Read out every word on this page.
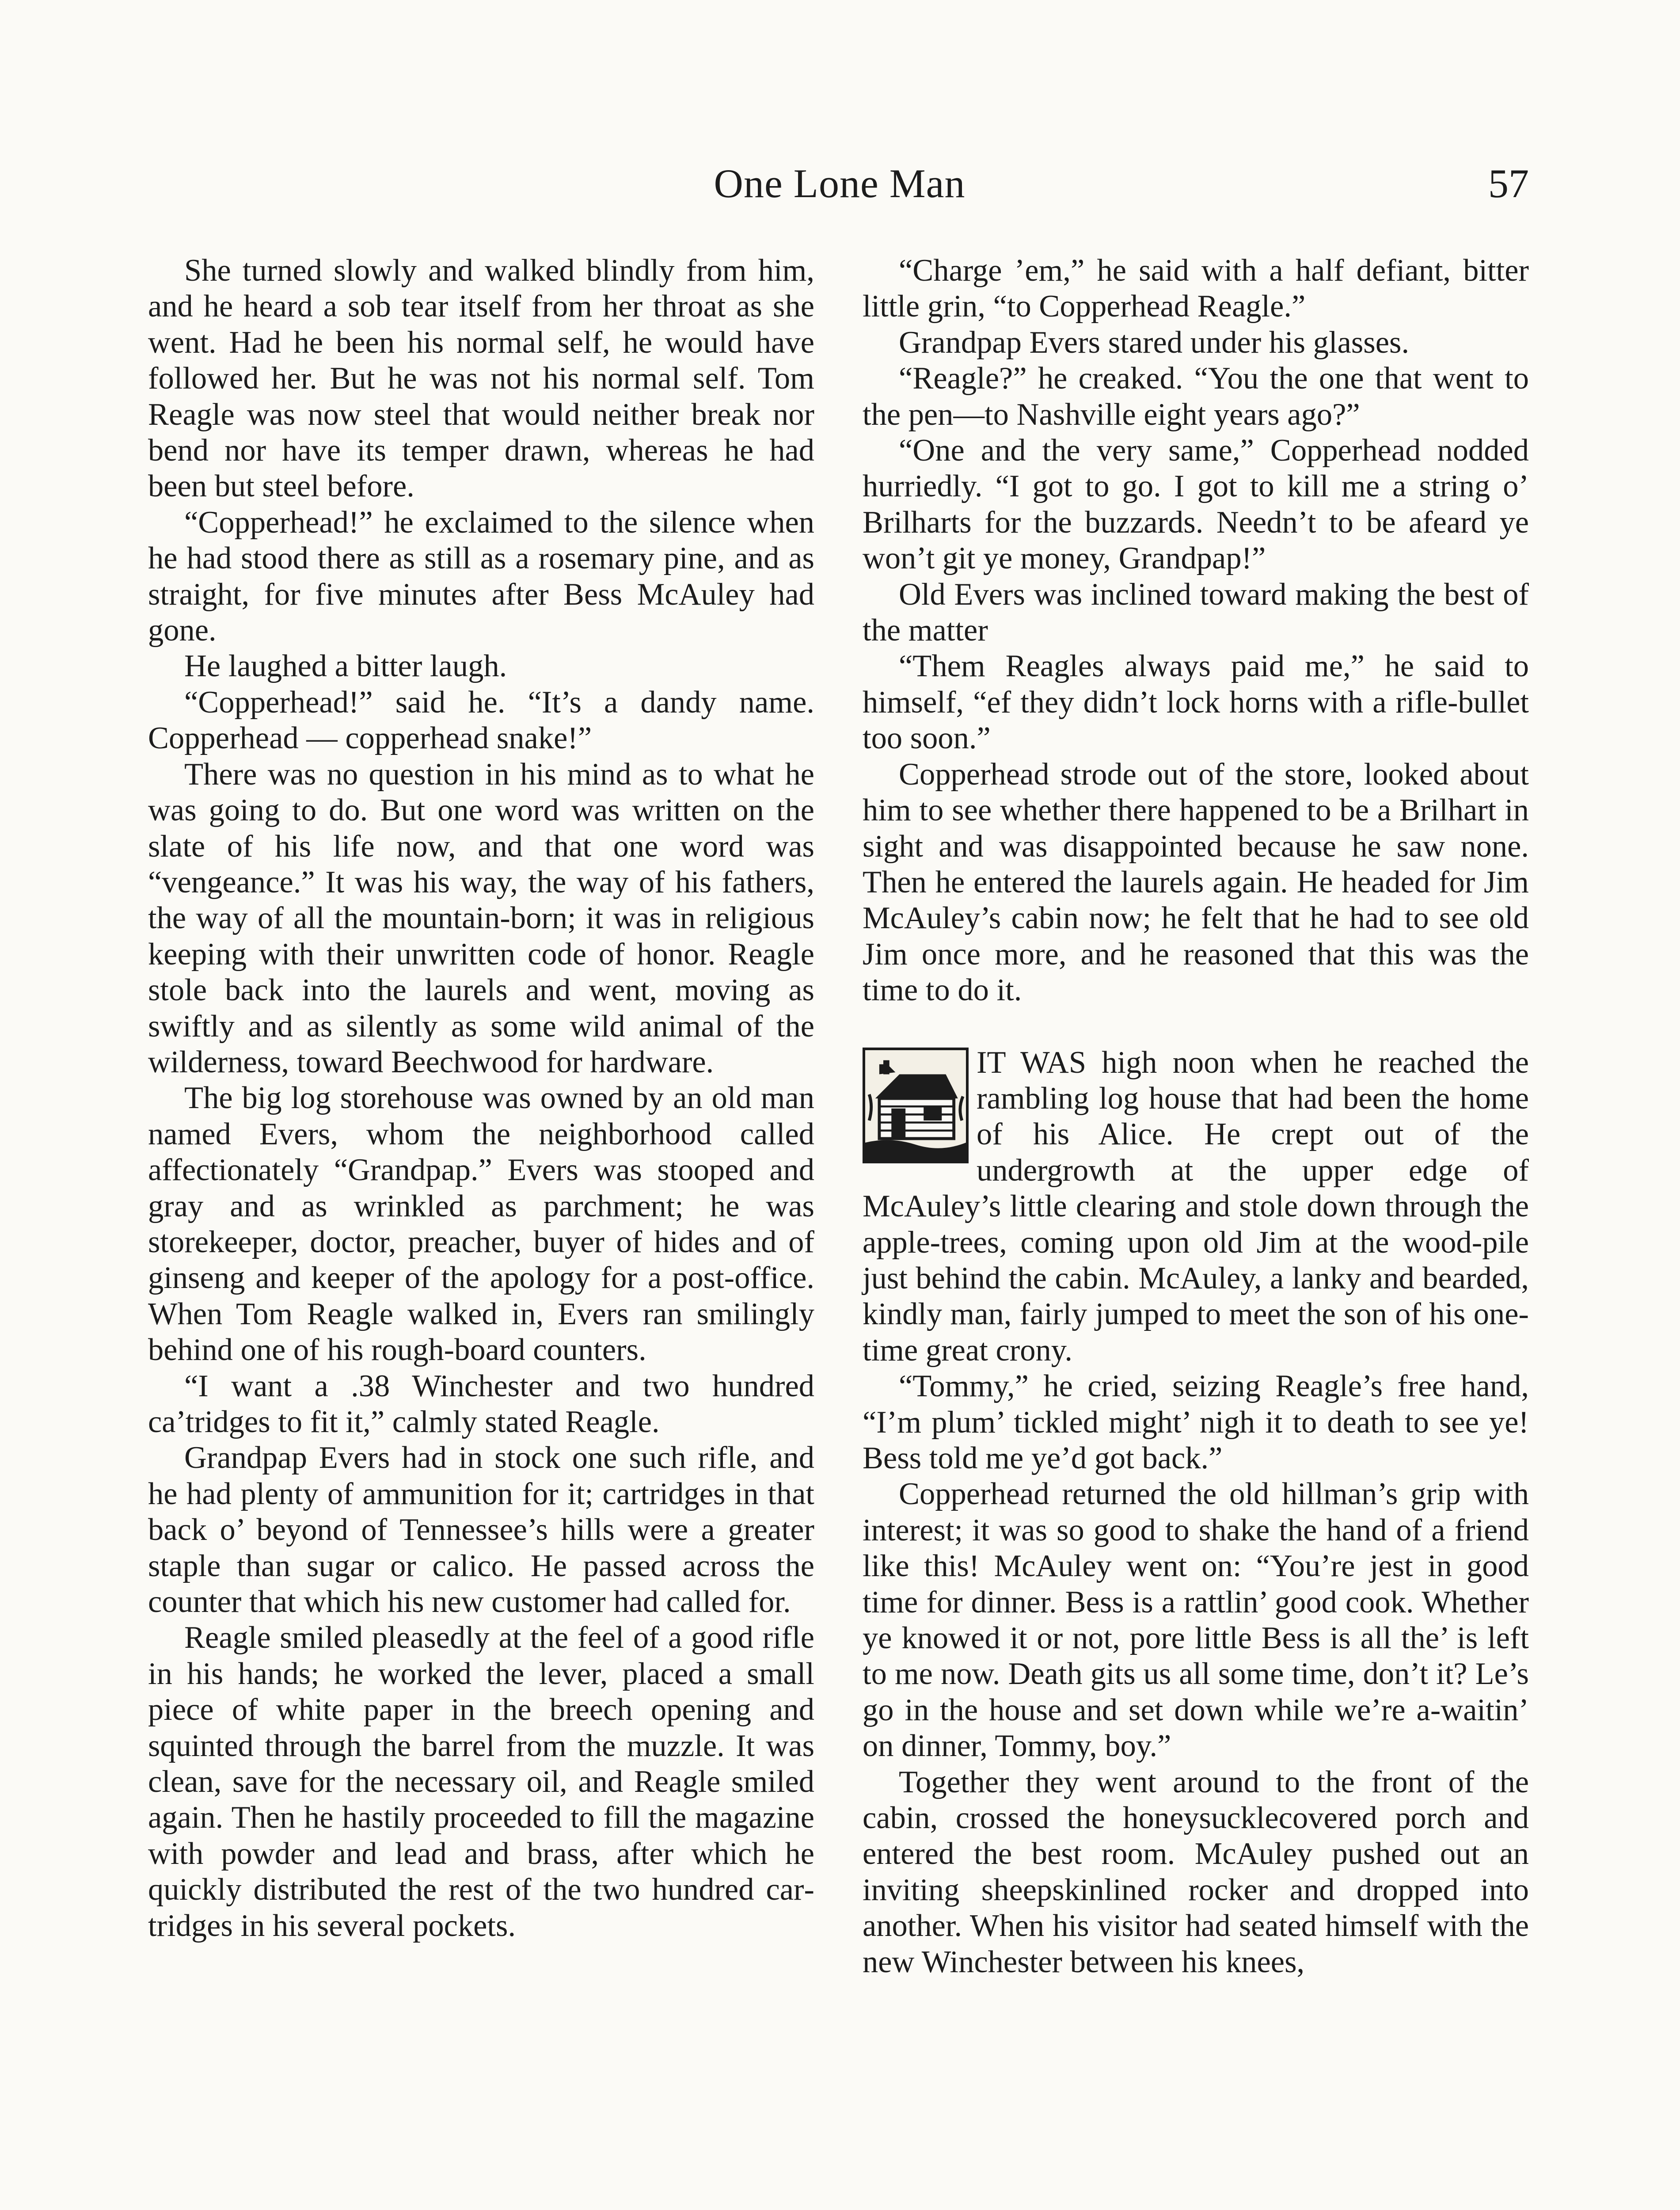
One Lone Man	57

She turned slowly and walked blindly from him, and he heard a sob tear itself from her throat as she went. Had he been his normal self, he would have followed her. But he was not his normal self. Tom Reagle was now steel that would neither break nor bend nor have its temper drawn, whereas he had been but steel before.

“Copperhead!” he exclaimed to the silence when he had stood there as still as a rosemary pine, and as straight, for five minutes after Bess McAuley had gone.

He laughed a bitter laugh.

“Copperhead!” said he. “It’s a dandy name. Copperhead — copperhead snake!”

There was no question in his mind as to what he was going to do. But one word was written on the slate of his life now, and that one word was “vengeance.” It was his way, the way of his fathers, the way of all the mountain-born; it was in religious keeping with their unwritten code of honor. Reagle stole back into the laurels and went, moving as swiftly and as silently as some wild animal of the wilderness, toward Beechwood for hardware.

The big log storehouse was owned by an old man named Evers, whom the neighborhood called affectionately “Grandpap.” Evers was stooped and gray and as wrinkled as parchment; he was storekeeper, doctor, preacher, buyer of hides and of ginseng and keeper of the apology for a post-office. When Tom Reagle walked in, Evers ran smilingly behind one of his rough-board counters.

“I want a .38 Winchester and two hundred ca’tridges to fit it,” calmly stated Reagle.

Grandpap Evers had in stock one such rifle, and he had plenty of ammunition for it; cartridges in that back o’ beyond of Tennessee’s hills were a greater staple than sugar or calico. He passed across the counter that which his new customer had called for.

Reagle smiled pleasedly at the feel of a good rifle in his hands; he worked the lever, placed a small piece of white paper in the breech opening and squinted through the barrel from the muzzle. It was clean, save for the necessary oil, and Reagle smiled again. Then he hastily proceeded to fill the magazine with powder and lead and brass, after which he quickly distributed the rest of the two hundred cartridges in his several pockets.

“Charge ’em,” he said with a half defiant, bitter little grin, “to Copperhead Reagle.”

Grandpap Evers stared under his glasses.

“Reagle?” he creaked. “You the one that went to the pen—to Nashville eight years ago?”

“One and the very same,” Copperhead nodded hurriedly. “I got to go. I got to kill me a string o’ Brilharts for the buzzards. Needn’t to be afeard ye won’t git ye money, Grandpap!”

Old Evers was inclined toward making the best of the matter

“Them Reagles always paid me,” he said to himself, “ef they didn’t lock horns with a rifle-bullet too soon.”

Copperhead strode out of the store, looked about him to see whether there happened to be a Brilhart in sight and was disappointed because he saw none. Then he entered the laurels again. He headed for Jim McAuley’s cabin now; he felt that he had to see old Jim once more, and he reasoned that this was the time to do it.

IT WAS high noon when he reached the rambling log house that had been the home of his Alice. He crept out of the undergrowth at the upper edge of McAuley’s little clearing and stole down through the apple-trees, coming upon old Jim at the wood-pile just behind the cabin. McAuley, a lanky and bearded, kindly man, fairly jumped to meet the son of his one-time great crony.

“Tommy,” he cried, seizing Reagle’s free hand, “I’m plum’ tickled might’ nigh it to death to see ye! Bess told me ye’d got back.”

Copperhead returned the old hillman’s grip with interest; it was so good to shake the hand of a friend like this! McAuley went on: “You’re jest in good time for dinner. Bess is a rattlin’ good cook. Whether ye knowed it or not, pore little Bess is all the’ is left to me now. Death gits us all some time, don’t it? Le’s go in the house and set down while we’re a-waitin’ on dinner, Tommy, boy.”

Together they went around to the front of the cabin, crossed the honeysucklecovered porch and entered the best room. McAuley pushed out an inviting sheepskinlined rocker and dropped into another. When his visitor had seated himself with the new Winchester between his knees,
